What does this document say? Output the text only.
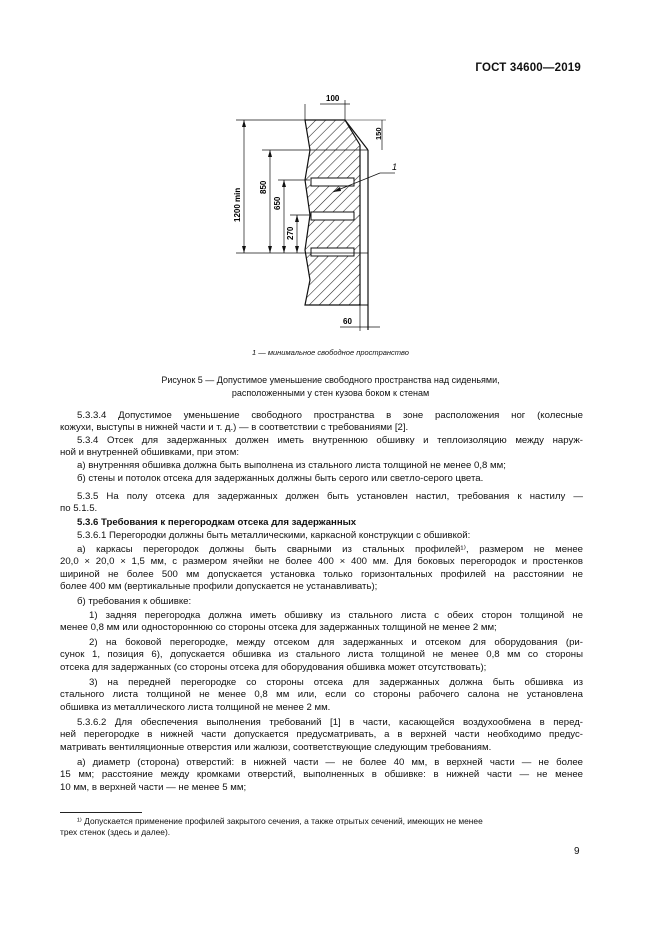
ГОСТ 34600—2019
100
150
1200 min
850
650
270
60
1
1 — минимальное свободное пространство
Рисунок 5 — Допустимое уменьшение свободного пространства над сиденьями,
расположенными у стен кузова боком к стенам
5.3.3.4 Допустимое уменьшение свободного пространства в зоне расположения ног (колесные
кожухи, выступы в нижней части и т. д.) — в соответствии с требованиями [2].
5.3.4 Отсек для задержанных должен иметь внутреннюю обшивку и теплоизоляцию между наруж-
ной и внутренней обшивками, при этом:
а) внутренняя обшивка должна быть выполнена из стального листа толщиной не менее 0,8 мм;
б) стены и потолок отсека для задержанных должны быть серого или светло-серого цвета.
5.3.5 На полу отсека для задержанных должен быть установлен настил, требования к настилу —
по 5.1.5.
5.3.6 Требования к перегородкам отсека для задержанных
5.3.6.1 Перегородки должны быть металлическими, каркасной конструкции с обшивкой:
а) каркасы перегородок должны быть сварными из стальных профилей¹⁾, размером не менее
20,0 × 20,0 × 1,5 мм, с размером ячейки не более 400 × 400 мм. Для боковых перегородок и простенков
шириной не более 500 мм допускается установка только горизонтальных профилей на расстоянии не
более 400 мм (вертикальные профили допускается не устанавливать);
б) требования к обшивке:
1) задняя перегородка должна иметь обшивку из стального листа с обеих сторон толщиной не
менее 0,8 мм или одностороннюю со стороны отсека для задержанных толщиной не менее 2 мм;
2) на боковой перегородке, между отсеком для задержанных и отсеком для оборудования (ри-
сунок 1, позиция 6), допускается обшивка из стального листа толщиной не менее 0,8 мм со стороны
отсека для задержанных (со стороны отсека для оборудования обшивка может отсутствовать);
3) на передней перегородке со стороны отсека для задержанных должна быть обшивка из
стального листа толщиной не менее 0,8 мм или, если со стороны рабочего салона не установлена
обшивка из металлического листа толщиной не менее 2 мм.
5.3.6.2 Для обеспечения выполнения требований [1] в части, касающейся воздухообмена в перед-
ней перегородке в нижней части допускается предусматривать, а в верхней части необходимо предус-
матривать вентиляционные отверстия или жалюзи, соответствующие следующим требованиям.
а) диаметр (сторона) отверстий: в нижней части — не более 40 мм, в верхней части — не более
15 мм; расстояние между кромками отверстий, выполненных в обшивке: в нижней части — не менее
10 мм, в верхней части — не менее 5 мм;
¹⁾ Допускается применение профилей закрытого сечения, а также отрытых сечений, имеющих не менее
трех стенок (здесь и далее).
9
